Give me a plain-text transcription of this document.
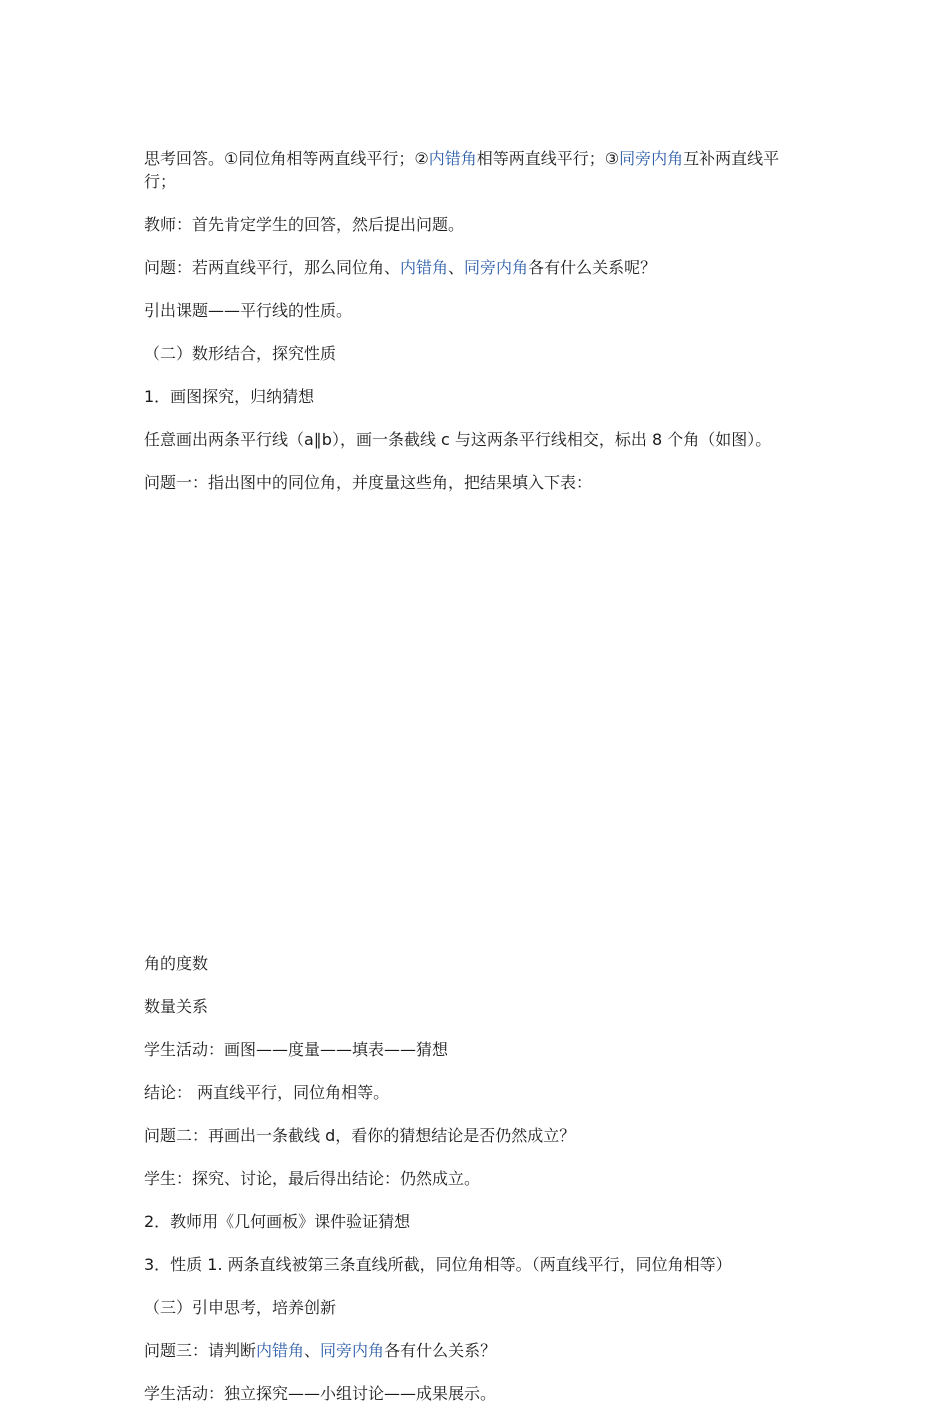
思考回答。①同位角相等两直线平行；②内错角相等两直线平行；③同旁内角互补两直线平行；

教师：首先肯定学生的回答，然后提出问题。

问题：若两直线平行，那么同位角、内错角、同旁内角各有什么关系呢？

引出课题——平行线的性质。

（二）数形结合，探究性质

1．画图探究，归纳猜想

任意画出两条平行线（a∥b），画一条截线 c 与这两条平行线相交，标出 8 个角（如图）。

问题一：指出图中的同位角，并度量这些角，把结果填入下表：

角的度数

数量关系

学生活动：画图——度量——填表——猜想

结论： 两直线平行，同位角相等。

问题二：再画出一条截线 d，看你的猜想结论是否仍然成立？

学生：探究、讨论，最后得出结论：仍然成立。

2．教师用《几何画板》课件验证猜想

3．性质 1. 两条直线被第三条直线所截，同位角相等。（两直线平行，同位角相等）

（三）引申思考，培养创新

问题三：请判断内错角、同旁内角各有什么关系？

学生活动：独立探究——小组讨论——成果展示。
